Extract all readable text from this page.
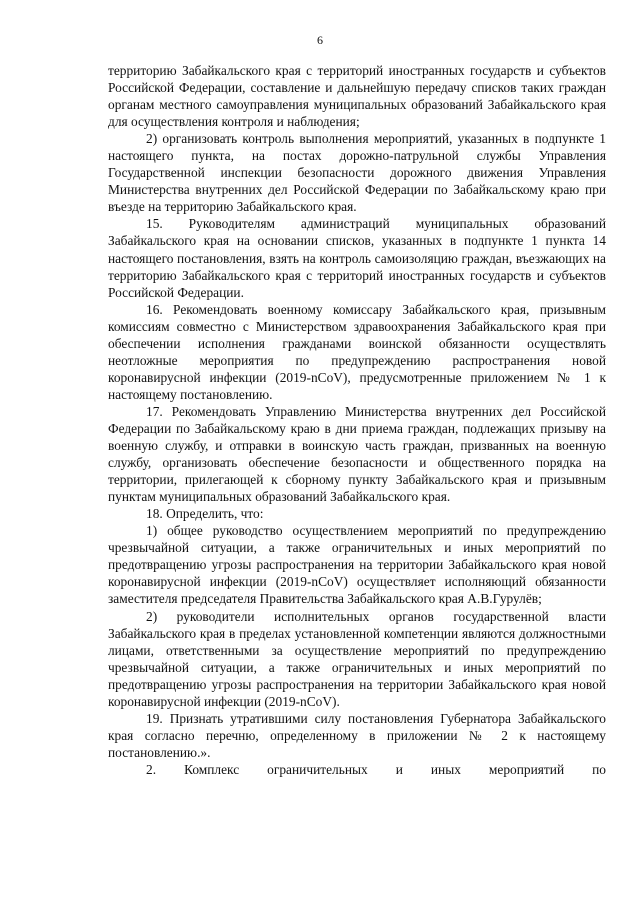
6

территорию Забайкальского края с территорий иностранных государств и субъектов Российской Федерации, составление и дальнейшую передачу списков таких граждан органам местного самоуправления муниципальных образований Забайкальского края для осуществления контроля и наблюдения;

2) организовать контроль выполнения мероприятий, указанных в подпункте 1 настоящего пункта, на постах дорожно-патрульной службы Управления Государственной инспекции безопасности дорожного движения Управления Министерства внутренних дел Российской Федерации по Забайкальскому краю при въезде на территорию Забайкальского края.

15. Руководителям администраций муниципальных образований Забайкальского края на основании списков, указанных в подпункте 1 пункта 14 настоящего постановления, взять на контроль самоизоляцию граждан, въезжающих на территорию Забайкальского края с территорий иностранных государств и субъектов Российской Федерации.

16. Рекомендовать военному комиссару Забайкальского края, призывным комиссиям совместно с Министерством здравоохранения Забайкальского края при обеспечении исполнения гражданами воинской обязанности осуществлять неотложные мероприятия по предупреждению распространения новой коронавирусной инфекции (2019-nCoV), предусмотренные приложением № 1 к настоящему постановлению.

17. Рекомендовать Управлению Министерства внутренних дел Российской Федерации по Забайкальскому краю в дни приема граждан, подлежащих призыву на военную службу, и отправки в воинскую часть граждан, призванных на военную службу, организовать обеспечение безопасности и общественного порядка на территории, прилегающей к сборному пункту Забайкальского края и призывным пунктам муниципальных образований Забайкальского края.

18. Определить, что:

1) общее руководство осуществлением мероприятий по предупреждению чрезвычайной ситуации, а также ограничительных и иных мероприятий по предотвращению угрозы распространения на территории Забайкальского края новой коронавирусной инфекции (2019-nCoV) осуществляет исполняющий обязанности заместителя председателя Правительства Забайкальского края А.В.Гурулёв;

2) руководители исполнительных органов государственной власти Забайкальского края в пределах установленной компетенции являются должностными лицами, ответственными за осуществление мероприятий по предупреждению чрезвычайной ситуации, а также ограничительных и иных мероприятий по предотвращению угрозы распространения на территории Забайкальского края новой коронавирусной инфекции (2019-nCoV).

19. Признать утратившими силу постановления Губернатора Забайкальского края согласно перечню, определенному в приложении № 2 к настоящему постановлению.».

2. Комплекс ограничительных и иных мероприятий по
